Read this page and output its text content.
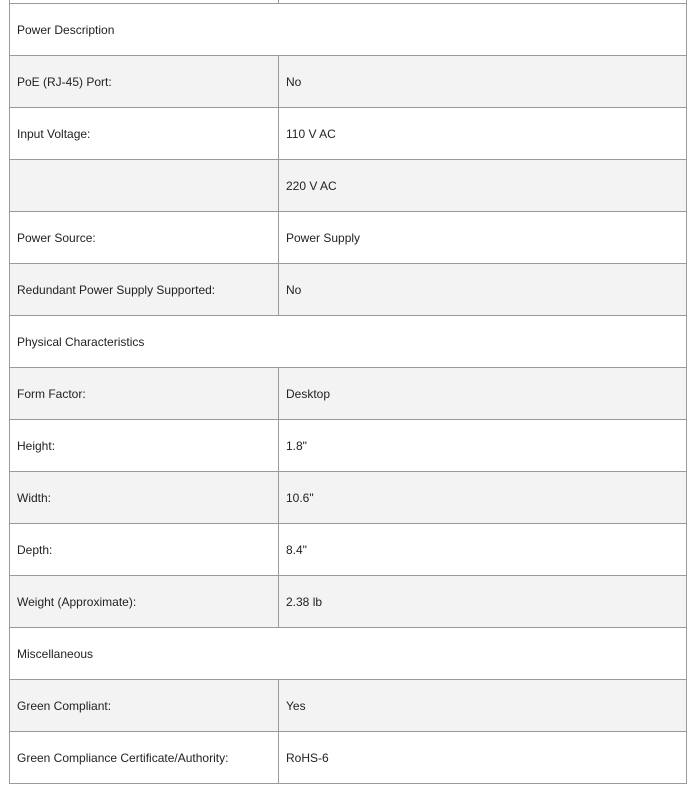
Power Description	
PoE (RJ-45) Port:	No
Input Voltage:	110 V AC
	220 V AC
Power Source:	Power Supply
Redundant Power Supply Supported:	No
Physical Characteristics	
Form Factor:	Desktop
Height:	1.8"
Width:	10.6"
Depth:	8.4"
Weight (Approximate):	2.38 lb
Miscellaneous	
Green Compliant:	Yes
Green Compliance Certificate/Authority:	RoHS-6
